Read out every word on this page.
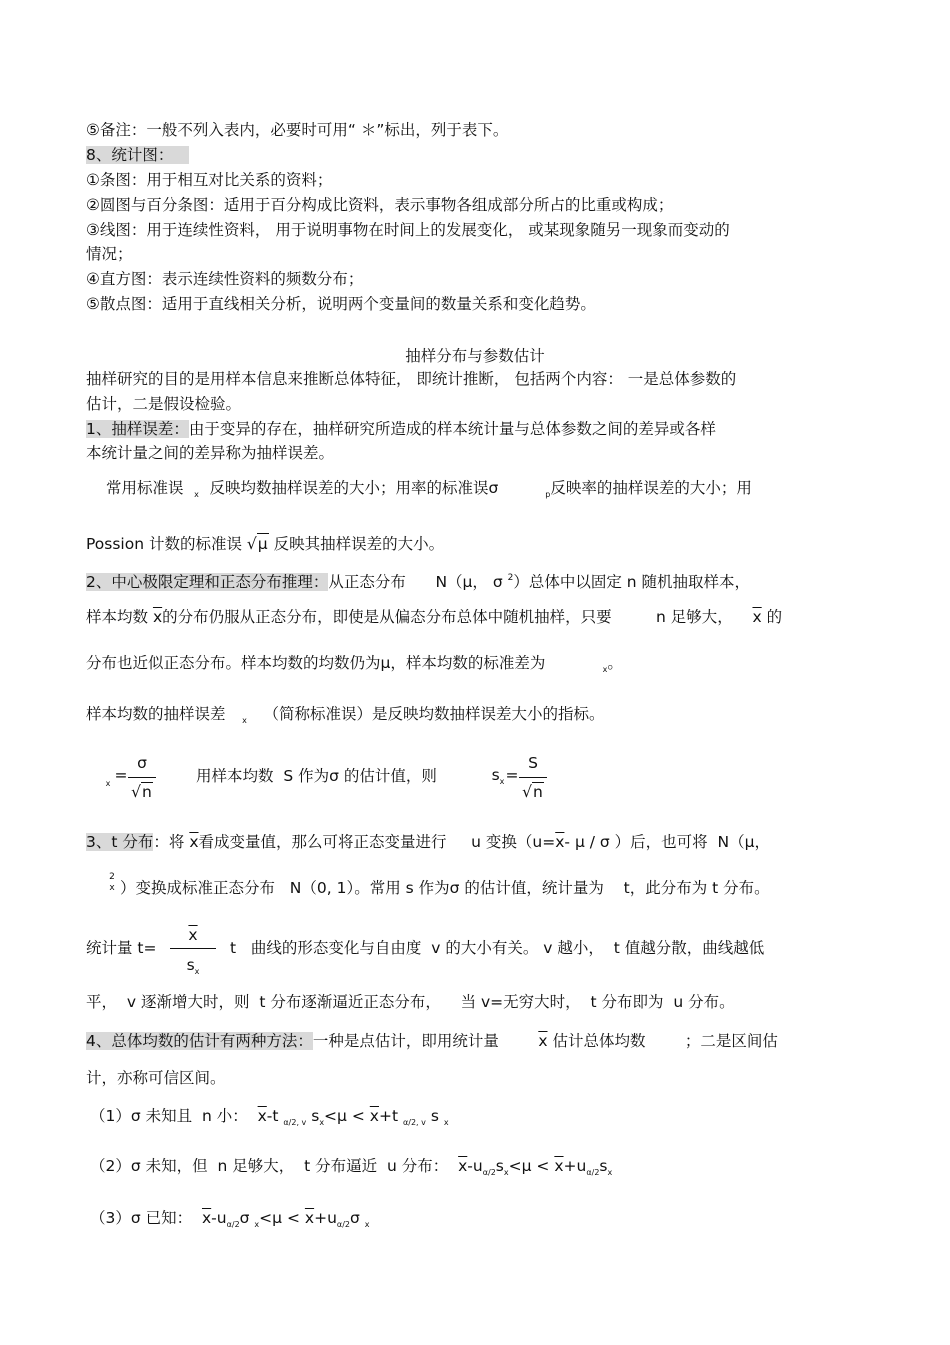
⑤备注：一般不列入表内，必要时可用“ ＊”标出，列于表下。
8、统计图：
①条图：用于相互对比关系的资料；
②圆图与百分条图：适用于百分构成比资料，表示事物各组成部分所占的比重或构成；
③线图：用于连续性资料， 用于说明事物在时间上的发展变化， 或某现象随另一现象而变动的
情况；
④直方图：表示连续性资料的频数分布；
⑤散点图：适用于直线相关分析，说明两个变量间的数量关系和变化趋势。
抽样分布与参数估计
抽样研究的目的是用样本信息来推断总体特征， 即统计推断， 包括两个内容： 一是总体参数的
估计，二是假设检验。
1、抽样误差：由于变异的存在，抽样研究所造成的样本统计量与总体参数之间的差异或各样
本统计量之间的差异称为抽样误差。
常用标准误 $_x$ 反映均数抽样误差的大小；用率的标准误σ	$_p$反映率的抽样误差的大小；用
Possion 计数的标准误 √μ 反映其抽样误差的大小。
2、中心极限定理和正态分布推理：从正态分布 N（μ， σ $^2$）总体中以固定 n 随机抽取样本，
样本均数 $\overline{x}$的分布仍服从正态分布，即使是从偏态分布总体中随机抽样，只要	n 足够大， $\overline{x}$ 的
分布也近似正态分布。样本均数的均数仍为μ，样本均数的标准差为	$_x$。
样本均数的抽样误差 $_x$ （简称标准误）是反映均数抽样误差大小的指标。
$_x$ =
σ
√n
用样本均数 S 作为σ 的估计值，则	$s_x$ =
S
√n
3、t 分布：将 $\overline{x}$看成变量值，那么可将正态变量进行 u 变换（$u=\overline{x}-$ μ / σ ）后，也可将 N（μ，
2
x ）变换成标准正态分布 N（0, 1）。常用 s 作为σ 的估计值，统计量为 t，此分布为 t 分布。
统计量 t=
$\overline{x}$
$s_x$
t 曲线的形态变化与自由度 v 的大小有关。 v 越小， t 值越分散，曲线越低
平， v 逐渐增大时，则 t 分布逐渐逼近正态分布， 当 v=无穷大时， t 分布即为 u 分布。
4、总体均数的估计有两种方法：一种是点估计，即用统计量	$\overline{x}$ 估计总体均数	；二是区间估
计，亦称可信区间。
（1）σ 未知且 n 小： $\overline{x}-t$ $_{\alpha/2, v}$ $s_x<\mu < \overline{x}+t$ $_{\alpha/2, v}$ s $_x$
（2）σ 未知，但 n 足够大， t 分布逼近 u 分布： $\overline{x}-u_{\alpha/2}s_x<\mu < \overline{x}+u_{\alpha/2}s_x$
（3）σ 已知： $\overline{x}-u_{\alpha/2}\sigma$ $_x<\mu < \overline{x}+u_{\alpha/2}\sigma$ $_x$
